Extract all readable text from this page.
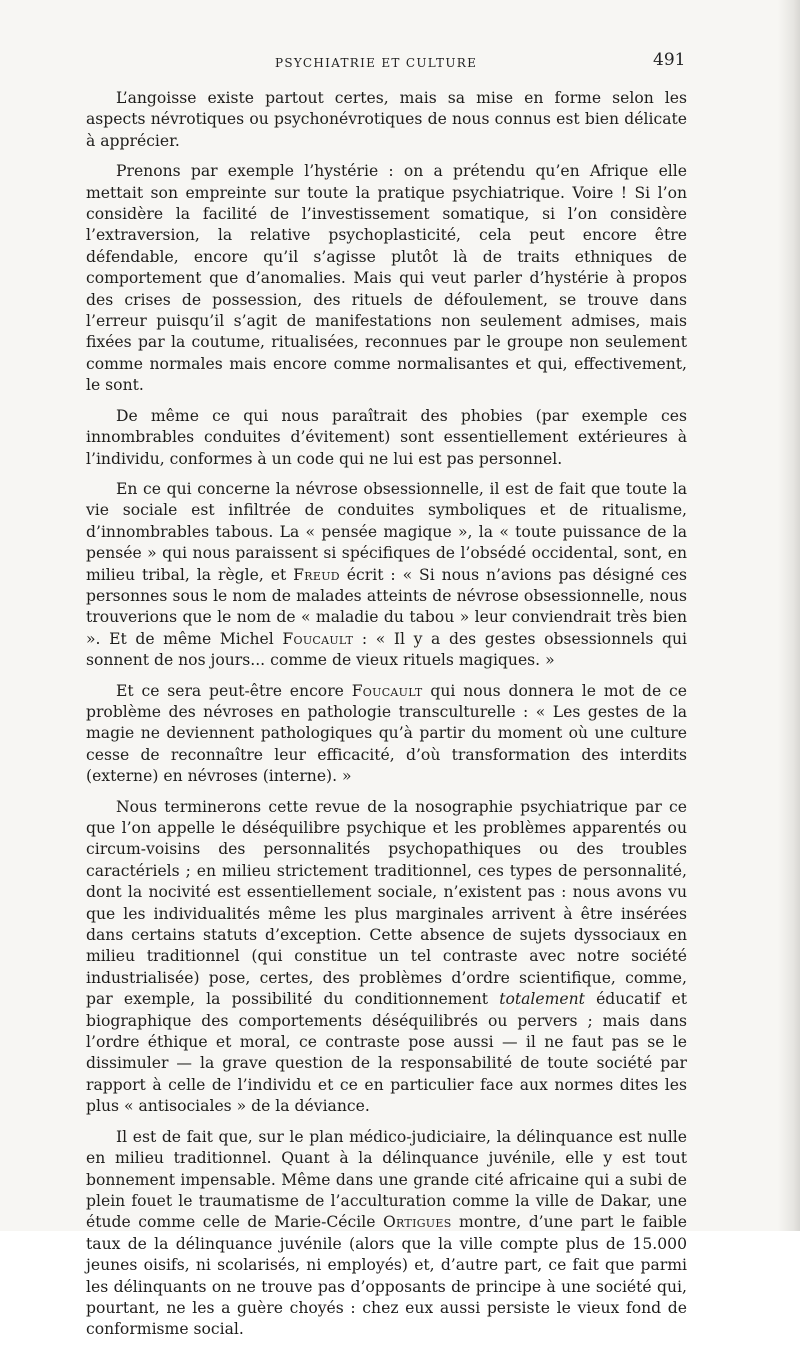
PSYCHIATRIE ET CULTURE	491

L’angoisse existe partout certes, mais sa mise en forme selon les aspects névrotiques ou psychonévrotiques de nous connus est bien délicate à apprécier.

Prenons par exemple l’hystérie : on a prétendu qu’en Afrique elle mettait son empreinte sur toute la pratique psychiatrique. Voire ! Si l’on considère la facilité de l’investissement somatique, si l’on considère l’extraversion, la relative psychoplasticité, cela peut encore être défendable, encore qu’il s’agisse plutôt là de traits ethniques de comportement que d’anomalies. Mais qui veut parler d’hystérie à propos des crises de possession, des rituels de défoulement, se trouve dans l’erreur puisqu’il s’agit de manifestations non seulement admises, mais fixées par la coutume, ritualisées, reconnues par le groupe non seulement comme normales mais encore comme normalisantes et qui, effectivement, le sont.

De même ce qui nous paraîtrait des phobies (par exemple ces innombrables conduites d’évitement) sont essentiellement extérieures à l’individu, conformes à un code qui ne lui est pas personnel.

En ce qui concerne la névrose obsessionnelle, il est de fait que toute la vie sociale est infiltrée de conduites symboliques et de ritualisme, d’innombrables tabous. La « pensée magique », la « toute puissance de la pensée » qui nous paraissent si spécifiques de l’obsédé occidental, sont, en milieu tribal, la règle, et Freud écrit : « Si nous n’avions pas désigné ces personnes sous le nom de malades atteints de névrose obsessionnelle, nous trouverions que le nom de « maladie du tabou » leur conviendrait très bien ». Et de même Michel Foucault : « Il y a des gestes obsessionnels qui sonnent de nos jours... comme de vieux rituels magiques. »

Et ce sera peut-être encore Foucault qui nous donnera le mot de ce problème des névroses en pathologie transculturelle : « Les gestes de la magie ne deviennent pathologiques qu’à partir du moment où une culture cesse de reconnaître leur efficacité, d’où transformation des interdits (externe) en névroses (interne). »

Nous terminerons cette revue de la nosographie psychiatrique par ce que l’on appelle le déséquilibre psychique et les problèmes apparentés ou circum-voisins des personnalités psychopathiques ou des troubles caractériels ; en milieu strictement traditionnel, ces types de personnalité, dont la nocivité est essentiellement sociale, n’existent pas : nous avons vu que les individualités même les plus marginales arrivent à être insérées dans certains statuts d’exception. Cette absence de sujets dyssociaux en milieu traditionnel (qui constitue un tel contraste avec notre société industrialisée) pose, certes, des problèmes d’ordre scientifique, comme, par exemple, la possibilité du conditionnement totalement éducatif et biographique des comportements déséquilibrés ou pervers ; mais dans l’ordre éthique et moral, ce contraste pose aussi — il ne faut pas se le dissimuler — la grave question de la responsabilité de toute société par rapport à celle de l’individu et ce en particulier face aux normes dites les plus « antisociales » de la déviance.

Il est de fait que, sur le plan médico-judiciaire, la délinquance est nulle en milieu traditionnel. Quant à la délinquance juvénile, elle y est tout bonnement impensable. Même dans une grande cité africaine qui a subi de plein fouet le traumatisme de l’acculturation comme la ville de Dakar, une étude comme celle de Marie-Cécile Ortigues montre, d’une part le faible taux de la délinquance juvénile (alors que la ville compte plus de 15.000 jeunes oisifs, ni scolarisés, ni employés) et, d’autre part, ce fait que parmi les délinquants on ne trouve pas d’opposants de principe à une société qui, pourtant, ne les a guère choyés : chez eux aussi persiste le vieux fond de conformisme social.
